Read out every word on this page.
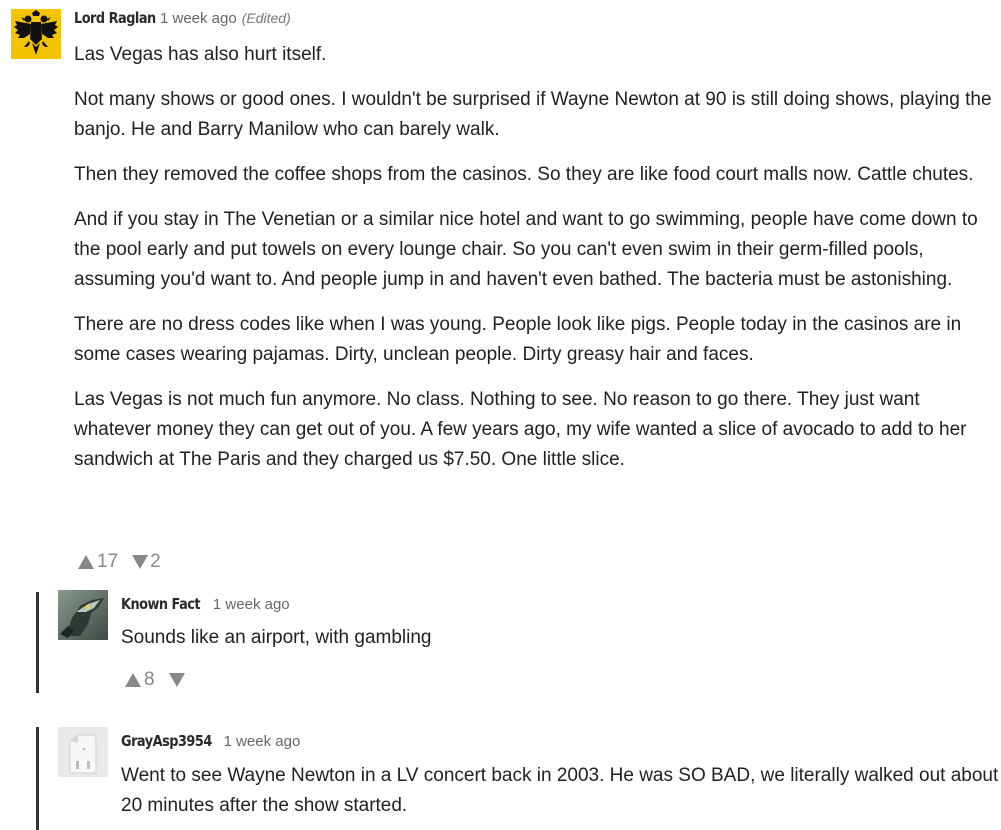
Lord Raglan 1 week ago (Edited)

Las Vegas has also hurt itself.

Not many shows or good ones. I wouldn't be surprised if Wayne Newton at 90 is still doing shows, playing the banjo. He and Barry Manilow who can barely walk.

Then they removed the coffee shops from the casinos. So they are like food court malls now. Cattle chutes.

And if you stay in The Venetian or a similar nice hotel and want to go swimming, people have come down to the pool early and put towels on every lounge chair. So you can't even swim in their germ-filled pools, assuming you'd want to. And people jump in and haven't even bathed. The bacteria must be astonishing.

There are no dress codes like when I was young. People look like pigs. People today in the casinos are in some cases wearing pajamas. Dirty, unclean people. Dirty greasy hair and faces.

Las Vegas is not much fun anymore. No class. Nothing to see. No reason to go there. They just want whatever money they can get out of you. A few years ago, my wife wanted a slice of avocado to add to her sandwich at The Paris and they charged us $7.50. One little slice.

17 2
Known Fact 1 week ago

Sounds like an airport, with gambling

8
GrayAsp3954 1 week ago

Went to see Wayne Newton in a LV concert back in 2003. He was SO BAD, we literally walked out about 20 minutes after the show started.
